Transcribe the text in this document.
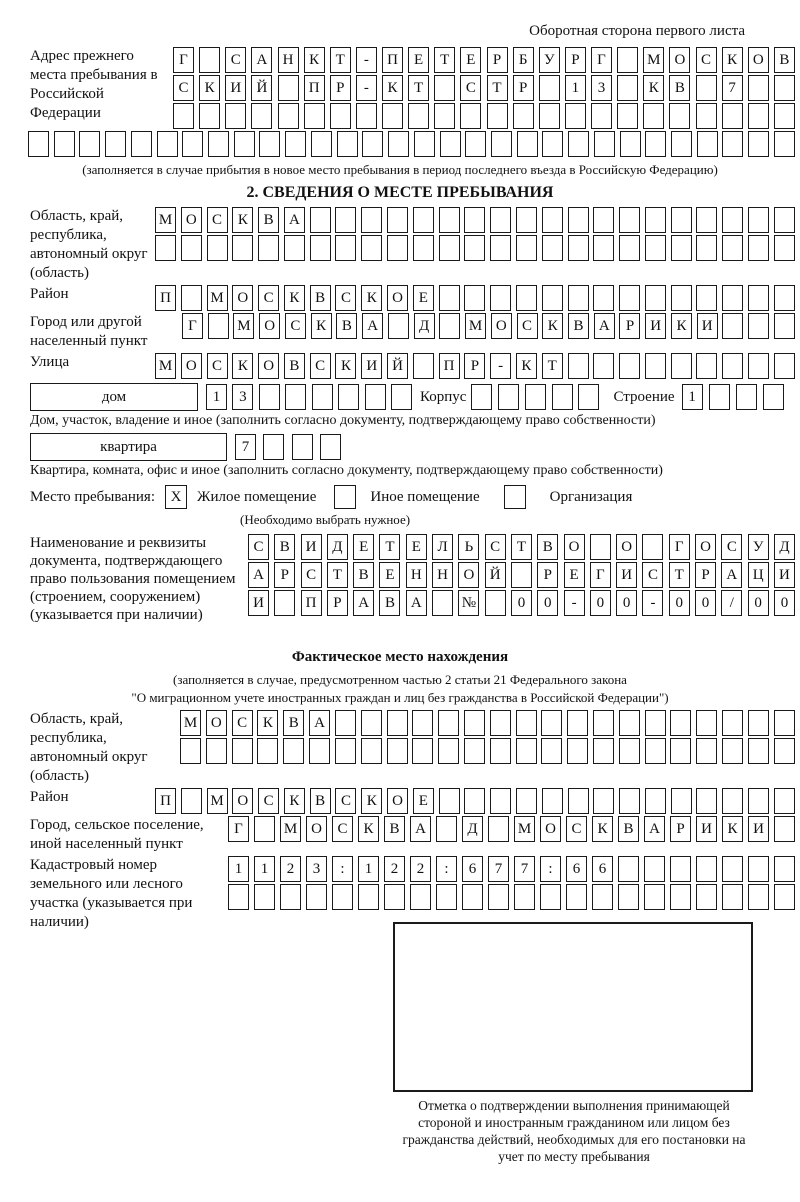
Оборотная сторона первого листа
Адрес прежнего места пребывания в Российской Федерации
Г	С	А	Н	К	Т	-	П	Е	Т	Е	Р	Б	У	Р	Г	М О	С	К	О	В
С	К	И	Й	П	Р	-	К	Т	С	Т	Р	1	3	К	В	7
(заполняется в случае прибытия в новое место пребывания в период последнего въезда в Российскую Федерацию)
2. СВЕДЕНИЯ О МЕСТЕ ПРЕБЫВАНИЯ
Область, край, республика, автономный округ (область)
М О	С	К	В	А
Район	П	М О	С	К	В	С	К	О	Е
Город или другой населенный пункт
Г	М О	С	К	В	А	Д	М О	С	К	В	А	Р	И	К	И
Улица	М О	С	К	О	В	С	К	И Й	П	Р	-	К	Т
дом	1	3	Корпус	Строение 1
Дом, участок, владение и иное (заполнить согласно документу, подтверждающему право собственности)
квартира	7
Квартира, комната, офис и иное (заполнить согласно документу, подтверждающему право собственности)
Место пребывания:	X	Жилое помещение	Иное помещение	Организация
(Необходимо выбрать нужное)
Наименование и реквизиты документа, подтверждающего право пользования помещением (строением, сооружением) (указывается при наличии)
С	В	И	Д	Е	Т	Е	Л	Ь	С	Т	В	О	О	Г	О	С	У	Д
А	Р	С	Т	В	Е	Н	Н	О	Й	Р	Е	Г	И	С	Т	Р	А	Ц	И
И	П	Р	А	В	А	№	0	0	-	0	0	-	0	0	/	0	0
Фактическое место нахождения
(заполняется в случае, предусмотренном частью 2 статьи 21 Федерального закона
"О миграционном учете иностранных граждан и лиц без гражданства в Российской Федерации")
Область, край, республика, автономный округ (область)
М О	С	К	В	А
Район	П	М О	С	К	В	С	К	О	Е
Город, сельское поселение, иной населенный пункт
Г	М О	С	К	В	А	Д	М О	С	К	В	А	Р	И	К	И
Кадастровый номер земельного или лесного участка (указывается при наличии)
1	1	2	3	:	1	2	2	:	6	7	7	:	6	6
Отметка о подтверждении выполнения принимающей стороной и иностранным гражданином или лицом без гражданства действий, необходимых для его постановки на учет по месту пребывания
